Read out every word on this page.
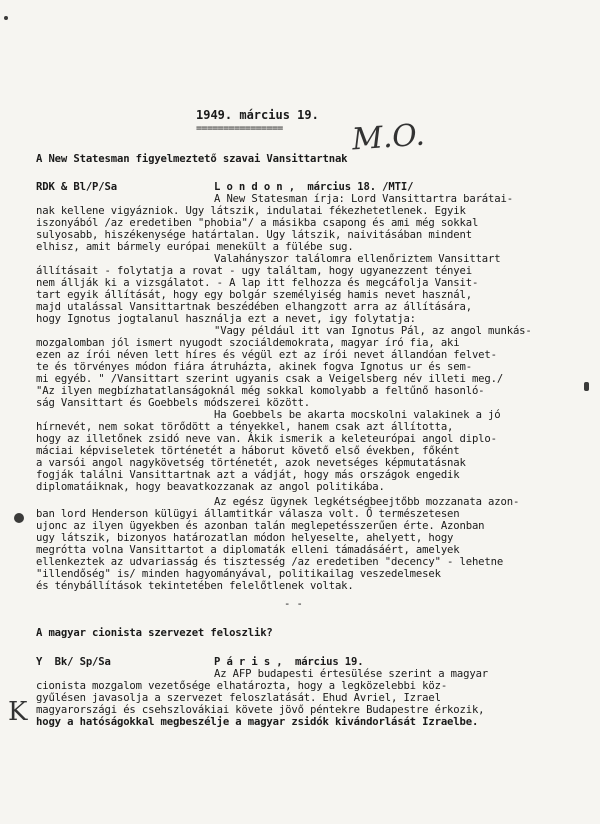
1949. március 19.
================ M.O.
A New Statesman figyelmeztető szavai Vansittartnak
RDK & Bl/P/Sa	L o n d o n ,  március 18. /MTI/
A New Statesman írja: Lord Vansittartra barátai-
nak kellene vigyázniok. Ugy látszik, indulatai fékezhetetlenek. Egyik
iszonyából /az eredetiben "phobia"/ a másikba csapong és ami még sokkal
sulyosabb, hiszékenysége határtalan. Ugy látszik, naivitásában mindent
elhisz, amit bármely európai menekült a fülébe sug.
Valahányszor találomra ellenőriztem Vansittart
állításait - folytatja a rovat - ugy találtam, hogy ugyanezzent tényei
nem állják ki a vizsgálatot. - A lap itt felhozza és megcáfolja Vansit-
tart egyik állítását, hogy egy bolgár személyiség hamis nevet használ,
majd utalással Vansittartnak beszédében elhangzott arra az állítására,
hogy Ignotus jogtalanul használja ezt a nevet, igy folytatja:
"Vagy például itt van Ignotus Pál, az angol munkás-
mozgalomban jól ismert nyugodt szociáldemokrata, magyar író fia, aki
ezen az írói néven lett híres és végül ezt az írói nevet állandóan felvet-
te és törvényes módon fiára átruházta, akinek fogva Ignotus ur és sem-
mi egyéb. " /Vansittart szerint ugyanis csak a Veigelsberg név illeti meg./
"Az ilyen megbízhatatlanságoknál még sokkal komolyabb a feltűnő hasonló-
ság Vansittart és Goebbels módszerei között.
Ha Goebbels be akarta mocskolni valakinek a jó
hírnevét, nem sokat törődött a tényekkel, hanem csak azt állította,
hogy az illetőnek zsidó neve van. Ákik ismerik a keleteurópai angol diplo-
máciai képviseletek történetét a háborut követő első években, főként
a varsói angol nagykövetség történetét, azok nevetséges képmutatásnak
fogják találni Vansittartnak azt a vádját, hogy más országok engedik
diplomatáiknak, hogy beavatkozzanak az angol politikába.
Az egész ügynek legkétségbeejtőbb mozzanata azon-
ban lord Henderson külügyi államtitkár válasza volt. Ő természetesen
ujonc az ilyen ügyekben és azonban talán meglepetésszerűen érte. Azonban
ugy látszik, bizonyos határozatlan módon helyeselte, ahelyett, hogy
megrótta volna Vansittartot a diplomaták elleni támadásáért, amelyek
ellenkeztek az udvariasság és tisztesség /az eredetiben "decency" - lehetne
"illendőség" is/ minden hagyományával, politikailag veszedelmesek
és ténybállítások tekintetében felelőtlenek voltak.
- -
A magyar cionista szervezet feloszlik?
Y  Bk/ Sp/Sa	P á r i s ,  március 19.
Az AFP budapesti értesülése szerint a magyar
cionista mozgalom vezetősége elhatározta, hogy a legközelebbi köz-
gyűlésen javasolja a szervezet feloszlatását. Ehud Avriel, Izrael
magyarországi és csehszlovákiai követe jövő péntekre Budapestre érkozik,
hogy a hatóságokkal megbeszélje a magyar zsidók kivándorlását Izraelbe.
K
